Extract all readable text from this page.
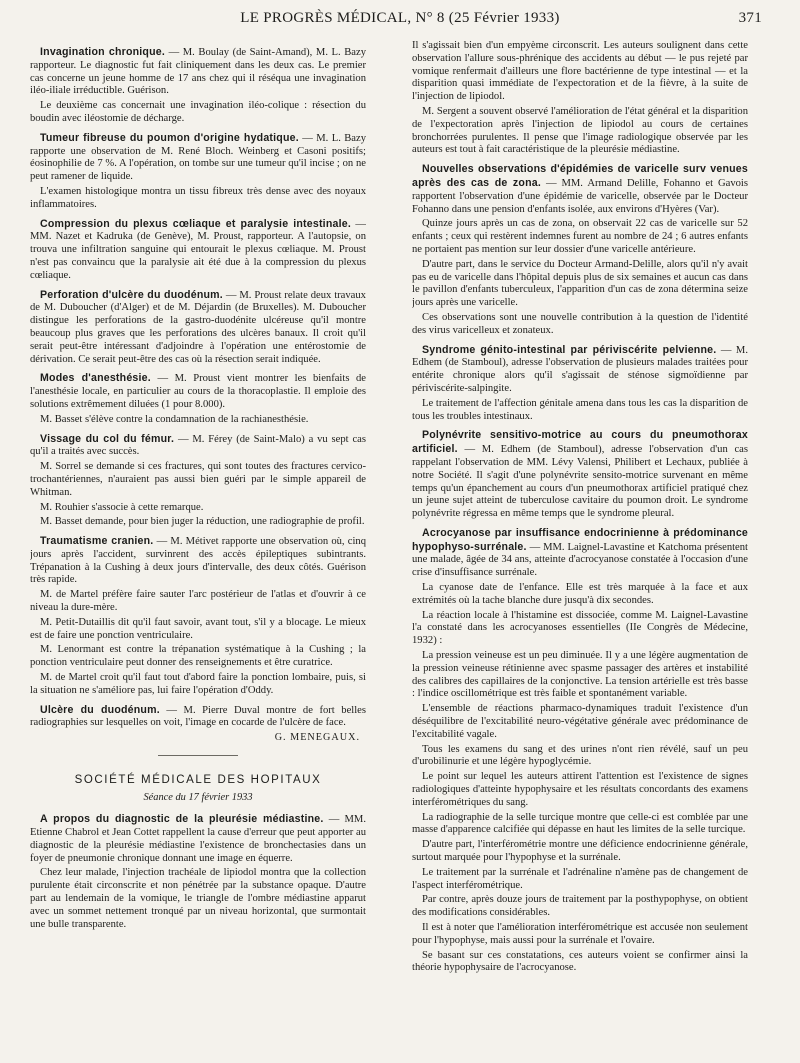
LE PROGRÈS MÉDICAL, N° 8 (25 Février 1933)	371

Invagination chronique. — M. Boulay (de Saint-Amand), M. L. Bazy rapporteur. Le diagnostic fut fait cliniquement dans les deux cas. Le premier cas concerne un jeune homme de 17 ans chez qui il réséqua une invagination iléo-iliale irréductible. Guérison.

Le deuxième cas concernait une invagination iléo-colique : résection du boudin avec iléostomie de décharge.

Tumeur fibreuse du poumon d'origine hydatique. — M. L. Bazy rapporte une observation de M. René Bloch. Weinberg et Casoni positifs; éosinophilie de 7 %. A l'opération, on tombe sur une tumeur qu'il incise ; on ne peut ramener de liquide.

L'examen histologique montra un tissu fibreux très dense avec des noyaux inflammatoires.

Compression du plexus cœliaque et paralysie intestinale. — MM. Nazet et Kadruka (de Genève), M. Proust, rapporteur. A l'autopsie, on trouva une infiltration sanguine qui entourait le plexus cœliaque. M. Proust n'est pas convaincu que la paralysie ait été due à la compression du plexus cœliaque.

Perforation d'ulcère du duodénum. — M. Proust relate deux travaux de M. Duboucher (d'Alger) et de M. Déjardin (de Bruxelles). M. Duboucher distingue les perforations de la gastro-duodénite ulcéreuse qu'il montre beaucoup plus graves que les perforations des ulcères banaux. Il croit qu'il serait peut-être intéressant d'adjoindre à l'opération une entérostomie de dérivation. Ce serait peut-être des cas où la résection serait indiquée.

Modes d'anesthésie. — M. Proust vient montrer les bienfaits de l'anesthésie locale, en particulier au cours de la thoracoplastie. Il emploie des solutions extrêmement diluées (1 pour 8.000).

M. Basset s'élève contre la condamnation de la rachianesthésie.

Vissage du col du fémur. — M. Férey (de Saint-Malo) a vu sept cas qu'il a traités avec succès.

M. Sorrel se demande si ces fractures, qui sont toutes des fractures cervico-trochantériennes, n'auraient pas aussi bien guéri par le simple appareil de Whitman.

M. Rouhier s'associe à cette remarque.

M. Basset demande, pour bien juger la réduction, une radiographie de profil.

Traumatisme cranien. — M. Métivet rapporte une observation où, cinq jours après l'accident, survinrent des accès épileptiques subintrants. Trépanation à la Cushing à deux jours d'intervalle, des deux côtés. Guérison très rapide.

M. de Martel préfère faire sauter l'arc postérieur de l'atlas et d'ouvrir à ce niveau la dure-mère.

M. Petit-Dutaillis dit qu'il faut savoir, avant tout, s'il y a blocage. Le mieux est de faire une ponction ventriculaire.

M. Lenormant est contre la trépanation systématique à la Cushing ; la ponction ventriculaire peut donner des renseignements et être curatrice.

M. de Martel croit qu'il faut tout d'abord faire la ponction lombaire, puis, si la situation ne s'améliore pas, lui faire l'opération d'Oddy.

Ulcère du duodénum. — M. Pierre Duval montre de fort belles radiographies sur lesquelles on voit, l'image en cocarde de l'ulcère de face.

G. MENEGAUX.
SOCIÉTÉ MÉDICALE DES HOPITAUX
Séance du 17 février 1933

A propos du diagnostic de la pleurésie médiastine. — MM. Etienne Chabrol et Jean Cottet rappellent la cause d'erreur que peut apporter au diagnostic de la pleurésie médiastine l'existence de bronchectasies dans un foyer de pneumonie chronique donnant une image en équerre.

Chez leur malade, l'injection trachéale de lipiodol montra que la collection purulente était circonscrite et non pénétrée par la substance opaque. D'autre part au lendemain de la vomique, le triangle de l'ombre médiastine apparut avec un sommet nettement tronqué par un niveau horizontal, que surmontait une bulle transparente.

Il s'agissait bien d'un empyème circonscrit. Les auteurs soulignent dans cette observation l'allure sous-phrénique des accidents au début — le pus rejeté par vomique renfermait d'ailleurs une flore bactérienne de type intestinal — et la disparition quasi immédiate de l'expectoration et de la fièvre, à la suite de l'injection de lipiodol.

M. Sergent a souvent observé l'amélioration de l'état général et la disparition de l'expectoration après l'injection de lipiodol au cours de certaines bronchorrées purulentes. Il pense que l'image radiologique observée par les auteurs est tout à fait caractéristique de la pleurésie médiastine.

Nouvelles observations d'épidémies de varicelle surv venues après des cas de zona. — MM. Armand Delille, Fohanno et Gavois rapportent l'observation d'une épidémie de varicelle, observée par le Docteur Fohanno dans une pension d'enfants isolée, aux environs d'Hyères (Var).

Quinze jours après un cas de zona, on observait 22 cas de varicelle sur 52 enfants ; ceux qui restèrent indemnes furent au nombre de 24 ; 6 autres enfants ne portaient pas mention sur leur dossier d'une varicelle antérieure.

D'autre part, dans le service du Docteur Armand-Delille, alors qu'il n'y avait pas eu de varicelle dans l'hôpital depuis plus de six semaines et aucun cas dans le pavillon d'enfants tuberculeux, l'apparition d'un cas de zona détermina seize jours après une varicelle.

Ces observations sont une nouvelle contribution à la question de l'identité des virus varicelleux et zonateux.

Syndrome génito-intestinal par périviscérite pelvienne. — M. Edhem (de Stamboul), adresse l'observation de plusieurs malades traitées pour entérite chronique alors qu'il s'agissait de sténose sigmoïdienne par périviscérite-salpingite.

Le traitement de l'affection génitale amena dans tous les cas la disparition de tous les troubles intestinaux.

Polynévrite sensitivo-motrice au cours du pneumothorax artificiel. — M. Edhem (de Stamboul), adresse l'observation d'un cas rappelant l'observation de MM. Lévy Valensi, Philibert et Lechaux, publiée à notre Société. Il s'agit d'une polynévrite sensito-motrice survenant en même temps qu'un épanchement au cours d'un pneumothorax artificiel pratiqué chez un jeune sujet atteint de tuberculose cavitaire du poumon droit. Le syndrome polynévrite régressa en même temps que le syndrome pleural.

Acrocyanose par insuffisance endocrinienne à prédominance hypophyso-surrénale. — MM. Laignel-Lavastine et Katchoma présentent une malade, âgée de 34 ans, atteinte d'acrocyanose constatée à l'occasion d'une crise d'insuffisance surrénale.

La cyanose date de l'enfance. Elle est très marquée à la face et aux extrémités où la tache blanche dure jusqu'à dix secondes.

La réaction locale à l'histamine est dissociée, comme M. Laignel-Lavastine l'a constaté dans les acrocyanoses essentielles (IIe Congrès de Médecine, 1932) :

La pression veineuse est un peu diminuée. Il y a une légère augmentation de la pression veineuse rétinienne avec spasme passager des artères et instabilité des calibres des capillaires de la conjonctive. La tension artérielle est très basse : l'indice oscillométrique est très faible et spontanément variable.

L'ensemble de réactions pharmaco-dynamiques traduit l'existence d'un déséquilibre de l'excitabilité neuro-végétative générale avec prédominance de l'excitabilité vagale.

Tous les examens du sang et des urines n'ont rien révélé, sauf un peu d'urobilinurie et une légère hypoglycémie.

Le point sur lequel les auteurs attirent l'attention est l'existence de signes radiologiques d'atteinte hypophysaire et les résultats concordants des examens interférométriques du sang.

La radiographie de la selle turcique montre que celle-ci est comblée par une masse d'apparence calcifiée qui dépasse en haut les limites de la selle turcique.

D'autre part, l'interférométrie montre une déficience endocrinienne générale, surtout marquée pour l'hypophyse et la surrénale.

Le traitement par la surrénale et l'adrénaline n'amène pas de changement de l'aspect interférométrique.

Par contre, après douze jours de traitement par la posthypophyse, on obtient des modifications considérables.

Il est à noter que l'amélioration interférométrique est accusée non seulement pour l'hypophyse, mais aussi pour la surrénale et l'ovaire.

Se basant sur ces constatations, ces auteurs voient se confirmer ainsi la théorie hypophysaire de l'acrocyanose.
